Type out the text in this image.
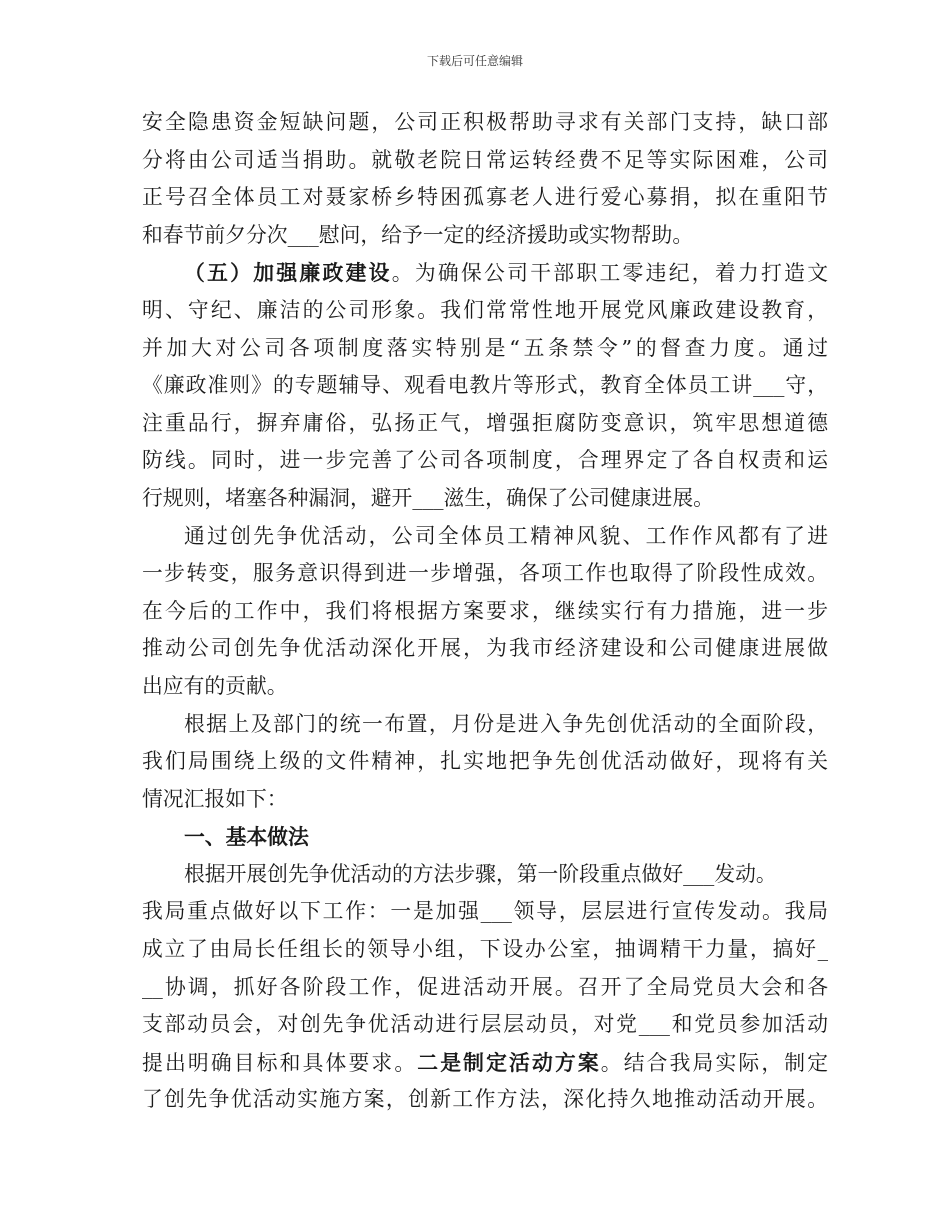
下载后可任意编辑
安全隐患资金短缺问题，公司正积极帮助寻求有关部门支持，缺口部
分将由公司适当捐助。就敬老院日常运转经费不足等实际困难，公司
正号召全体员工对聂家桥乡特困孤寡老人进行爱心募捐，拟在重阳节
和春节前夕分次___慰问，给予一定的经济援助或实物帮助。
（五）加强廉政建设。为确保公司干部职工零违纪，着力打造文
明、守纪、廉洁的公司形象。我们常常性地开展党风廉政建设教育，
并加大对公司各项制度落实特别是“五条禁令”的督查力度。通过
《廉政准则》的专题辅导、观看电教片等形式，教育全体员工讲___守，
注重品行，摒弃庸俗，弘扬正气，增强拒腐防变意识，筑牢思想道德
防线。同时，进一步完善了公司各项制度，合理界定了各自权责和运
行规则，堵塞各种漏洞，避开___滋生，确保了公司健康进展。
通过创先争优活动，公司全体员工精神风貌、工作作风都有了进
一步转变，服务意识得到进一步增强，各项工作也取得了阶段性成效。
在今后的工作中，我们将根据方案要求，继续实行有力措施，进一步
推动公司创先争优活动深化开展，为我市经济建设和公司健康进展做
出应有的贡献。
根据上及部门的统一布置，月份是进入争先创优活动的全面阶段，
我们局围绕上级的文件精神，扎实地把争先创优活动做好，现将有关
情况汇报如下：
一、基本做法
根据开展创先争优活动的方法步骤，第一阶段重点做好___发动。
我局重点做好以下工作：一是加强___领导，层层进行宣传发动。我局
成立了由局长任组长的领导小组，下设办公室，抽调精干力量，搞好_
__协调，抓好各阶段工作，促进活动开展。召开了全局党员大会和各
支部动员会，对创先争优活动进行层层动员，对党___和党员参加活动
提出明确目标和具体要求。二是制定活动方案。结合我局实际，制定
了创先争优活动实施方案，创新工作方法，深化持久地推动活动开展。
